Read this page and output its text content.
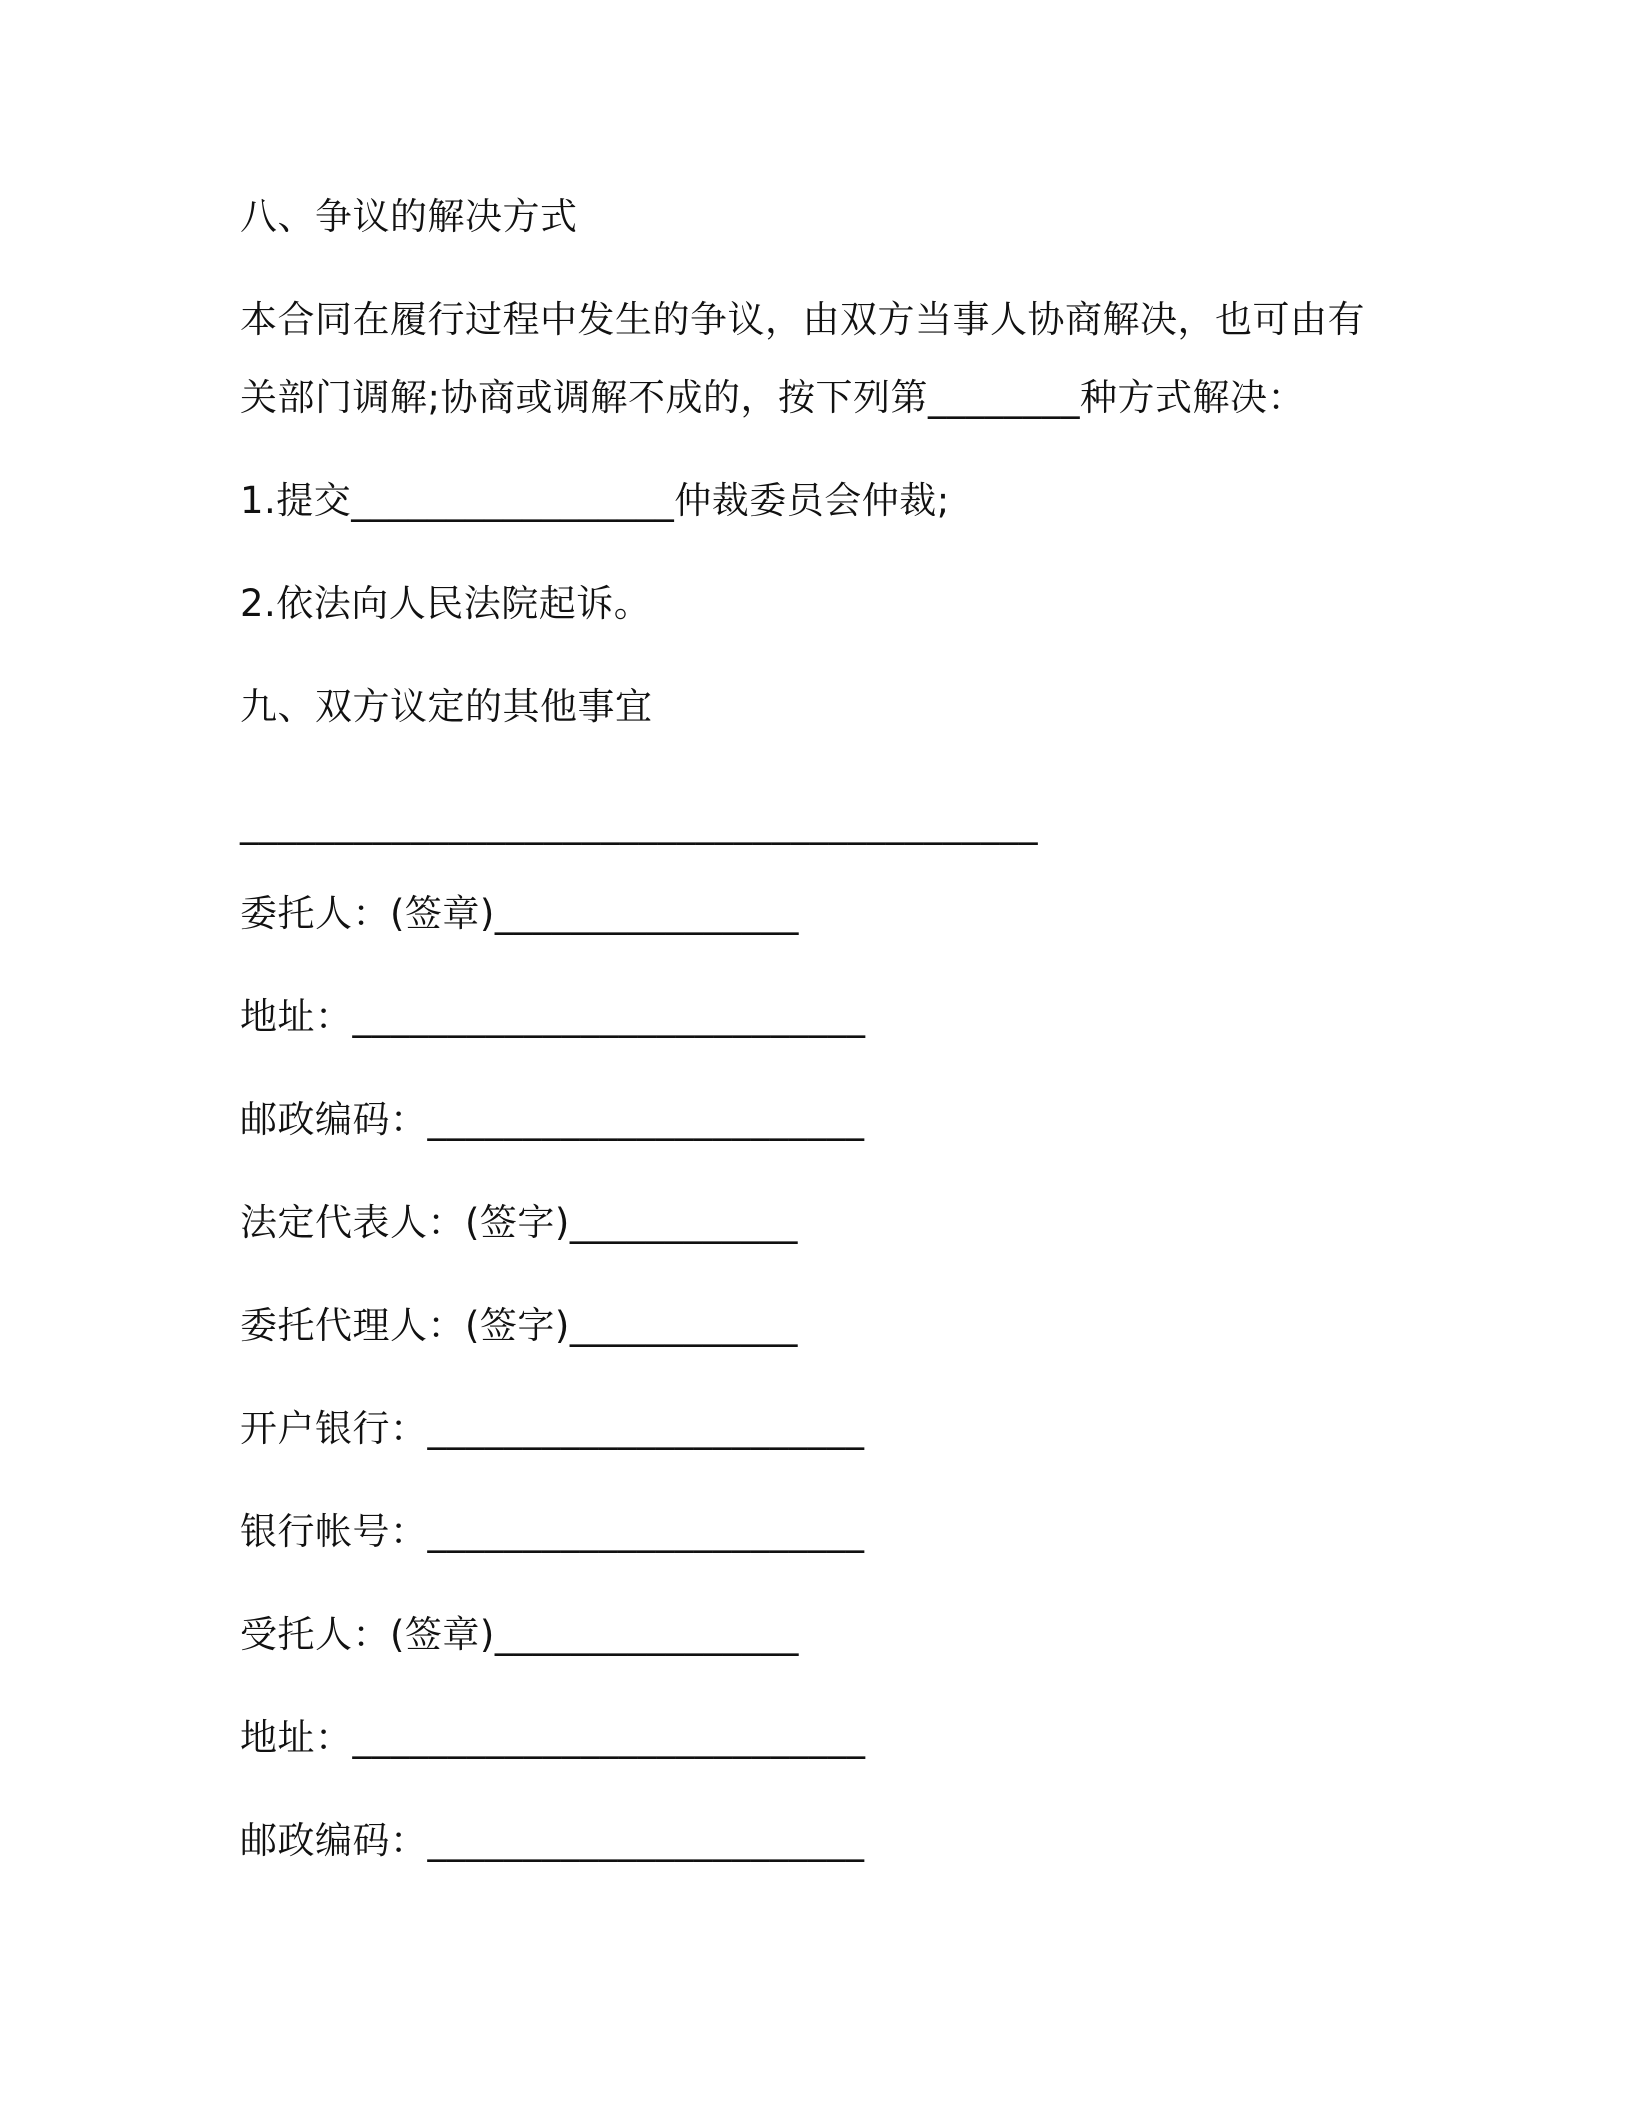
八、争议的解决方式
本合同在履行过程中发生的争议，由双方当事人协商解决，也可由有
关部门调解;协商或调解不成的，按下列第________种方式解决：
1.提交_________________仲裁委员会仲裁;
2.依法向人民法院起诉。
九、双方议定的其他事宜
__________________________________________
委托人：(签章)________________
地址：___________________________
邮政编码：_______________________
法定代表人：(签字)____________
委托代理人：(签字)____________
开户银行：_______________________
银行帐号：_______________________
受托人：(签章)________________
地址：___________________________
邮政编码：_______________________
